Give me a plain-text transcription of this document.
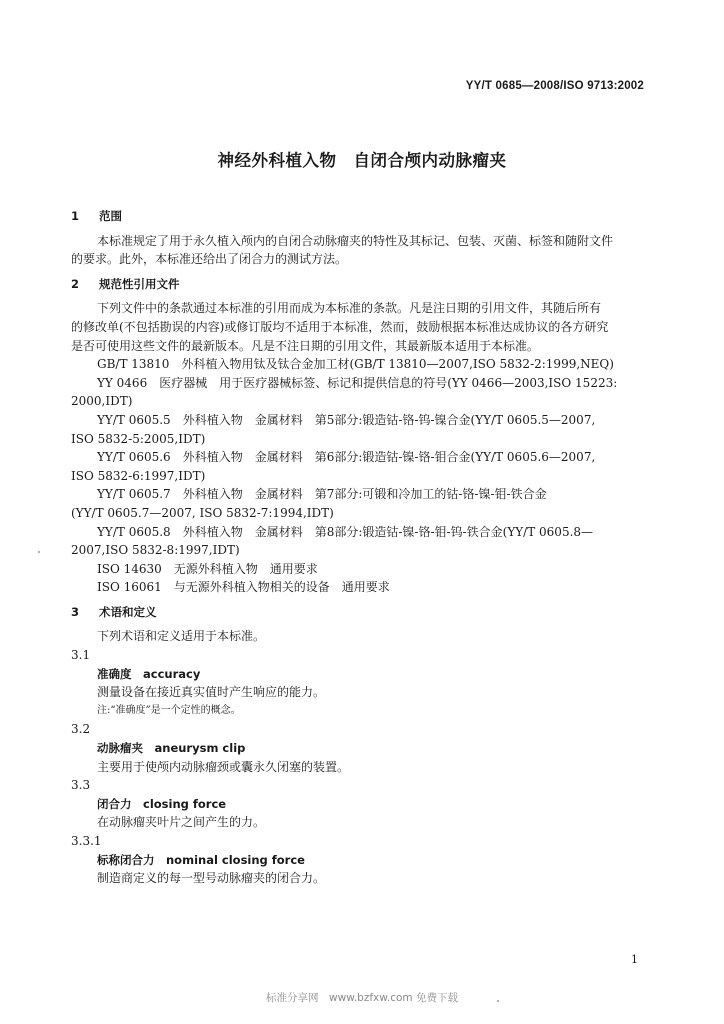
YY/T 0685—2008/ISO 9713:2002
神经外科植入物　自闭合颅内动脉瘤夹
1 范围
本标准规定了用于永久植入颅内的自闭合动脉瘤夹的特性及其标记、包装、灭菌、标签和随附文件
的要求。此外，本标准还给出了闭合力的测试方法。
2 规范性引用文件
下列文件中的条款通过本标准的引用而成为本标准的条款。凡是注日期的引用文件，其随后所有
的修改单(不包括勘误的内容)或修订版均不适用于本标准，然而，鼓励根据本标准达成协议的各方研究
是否可使用这些文件的最新版本。凡是不注日期的引用文件，其最新版本适用于本标准。
GB/T 13810　外科植入物用钛及钛合金加工材(GB/T 13810—2007,ISO 5832-2:1999,NEQ)
YY 0466　医疗器械　用于医疗器械标签、标记和提供信息的符号(YY 0466—2003,ISO 15223:
2000,IDT)
YY/T 0605.5　外科植入物　金属材料　第5部分:锻造钴-铬-钨-镍合金(YY/T 0605.5—2007,
ISO 5832-5:2005,IDT)
YY/T 0605.6　外科植入物　金属材料　第6部分:锻造钴-镍-铬-钼合金(YY/T 0605.6—2007,
ISO 5832-6:1997,IDT)
YY/T 0605.7　外科植入物　金属材料　第7部分:可锻和冷加工的钴-铬-镍-钼-铁合金
(YY/T 0605.7—2007, ISO 5832-7:1994,IDT)
YY/T 0605.8　外科植入物　金属材料　第8部分:锻造钴-镍-铬-钼-钨-铁合金(YY/T 0605.8—
2007,ISO 5832-8:1997,IDT)
ISO 14630　无源外科植入物　通用要求
ISO 16061　与无源外科植入物相关的设备　通用要求
3 术语和定义
下列术语和定义适用于本标准。
3.1
准确度　accuracy
测量设备在接近真实值时产生响应的能力。
注:“准确度”是一个定性的概念。
3.2
动脉瘤夹　aneurysm clip
主要用于使颅内动脉瘤颈或囊永久闭塞的装置。
3.3
闭合力　closing force
在动脉瘤夹叶片之间产生的力。
3.3.1
标称闭合力　nominal closing force
制造商定义的每一型号动脉瘤夹的闭合力。
1
标准分享网　www.bzfxw.com 免费下载
